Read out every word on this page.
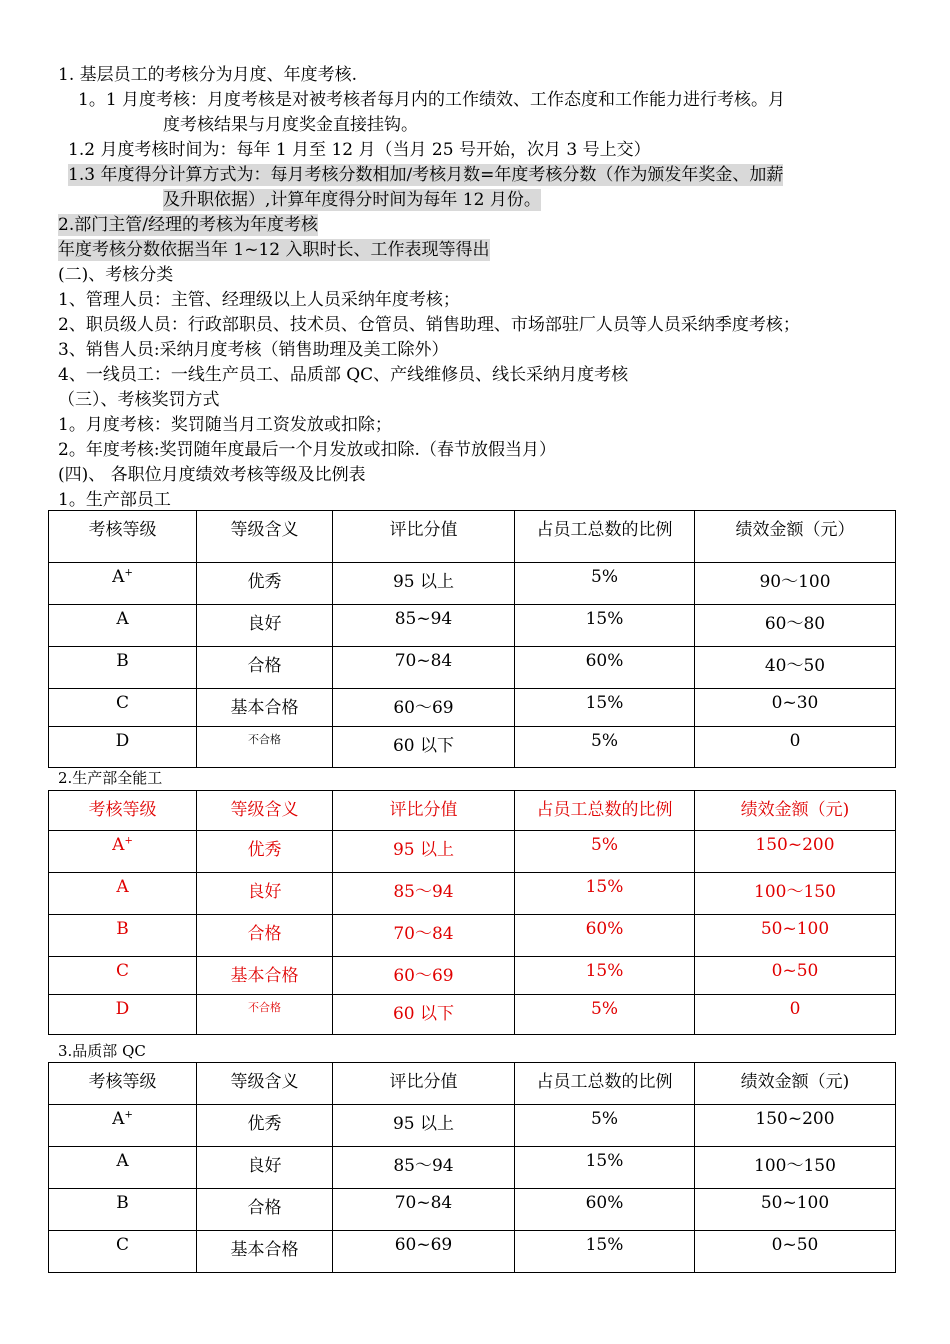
1. 基层员工的考核分为月度、年度考核.
1。1 月度考核：月度考核是对被考核者每月内的工作绩效、工作态度和工作能力进行考核。月
度考核结果与月度奖金直接挂钩。
1.2 月度考核时间为：每年 1 月至 12 月（当月 25 号开始，次月 3 号上交）
1.3 年度得分计算方式为：每月考核分数相加/考核月数=年度考核分数（作为颁发年奖金、加薪
及升职依据）,计算年度得分时间为每年 12 月份。
2.部门主管/经理的考核为年度考核
年度考核分数依据当年 1~12 入职时长、工作表现等得出
(二)、考核分类
1、管理人员：主管、经理级以上人员采纳年度考核；
2、职员级人员：行政部职员、技术员、仓管员、销售助理、市场部驻厂人员等人员采纳季度考核；
3、销售人员:采纳月度考核（销售助理及美工除外）
4、一线员工：一线生产员工、品质部 QC、产线维修员、线长采纳月度考核
（三）、考核奖罚方式
1。月度考核：奖罚随当月工资发放或扣除；
2。年度考核:奖罚随年度最后一个月发放或扣除.（春节放假当月）
(四)、 各职位月度绩效考核等级及比例表
1。生产部员工
考核等级	等级含义	评比分值	占员工总数的比例	绩效金额（元）
A+	优秀	95 以上	5%	90～100
A	良好	85~94	15%	60～80
B	合格	70~84	60%	40～50
C	基本合格	60～69	15%	0~30
D	不合格	60 以下	5%	0
2.生产部全能工
考核等级	等级含义	评比分值	占员工总数的比例	绩效金额（元)
A+	优秀	95 以上	5%	150~200
A	良好	85～94	15%	100～150
B	合格	70～84	60%	50~100
C	基本合格	60～69	15%	0~50
D	不合格	60 以下	5%	0
3.品质部 QC
考核等级	等级含义	评比分值	占员工总数的比例	绩效金额（元)
A+	优秀	95 以上	5%	150~200
A	良好	85～94	15%	100～150
B	合格	70~84	60%	50~100
C	基本合格	60~69	15%	0~50
